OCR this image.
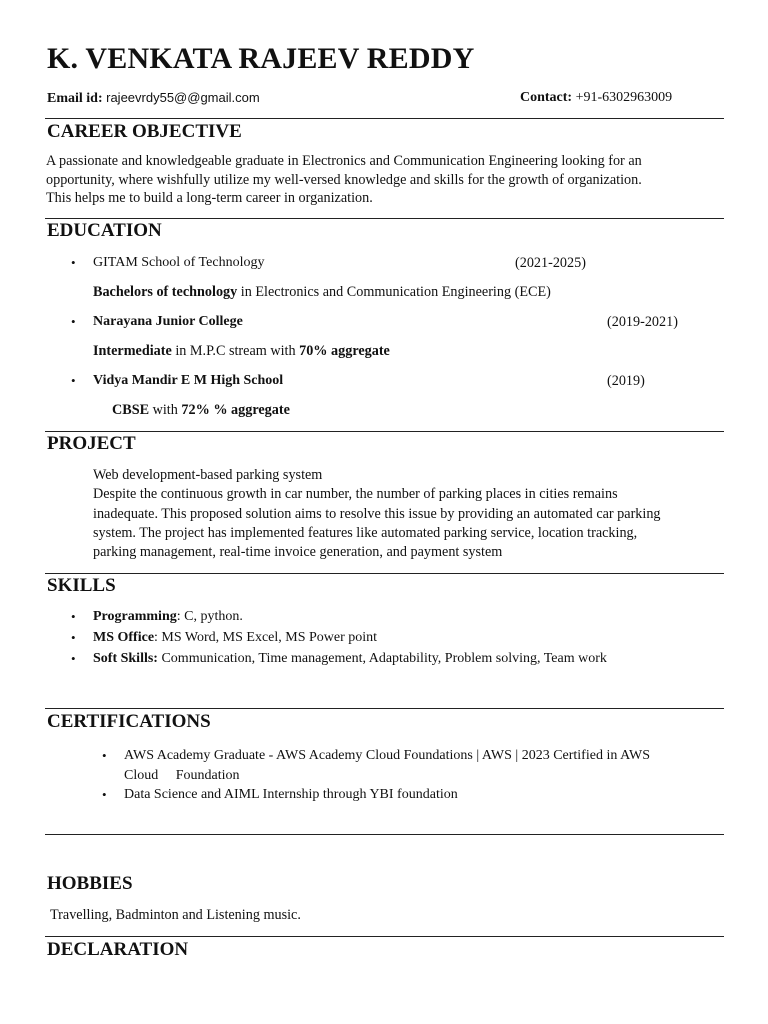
K. VENKATA RAJEEV REDDY
Email id: rajeevrdy55@@gmail.com	Contact: +91-6302963009
CAREER OBJECTIVE
A passionate and knowledgeable graduate in Electronics and Communication Engineering looking for an
opportunity, where wishfully utilize my well-versed knowledge and skills for the growth of organization.
This helps me to build a long-term career in organization.
EDUCATION
• GITAM School of Technology	(2021-2025)
Bachelors of technology in Electronics and Communication Engineering (ECE)
• Narayana Junior College	(2019-2021)
Intermediate in M.P.C stream with 70% aggregate
• Vidya Mandir E M High School	(2019)
CBSE with 72% % aggregate
PROJECT
Web development-based parking system
Despite the continuous growth in car number, the number of parking places in cities remains
inadequate. This proposed solution aims to resolve this issue by providing an automated car parking
system. The project has implemented features like automated parking service, location tracking,
parking management, real-time invoice generation, and payment system
SKILLS
• Programming: C, python.
• MS Office: MS Word, MS Excel, MS Power point
• Soft Skills: Communication, Time management, Adaptability, Problem solving, Team work
CERTIFICATIONS
• AWS Academy Graduate - AWS Academy Cloud Foundations | AWS | 2023 Certified in AWS
Cloud     Foundation
• Data Science and AIML Internship through YBI foundation
HOBBIES
Travelling, Badminton and Listening music.
DECLARATION
